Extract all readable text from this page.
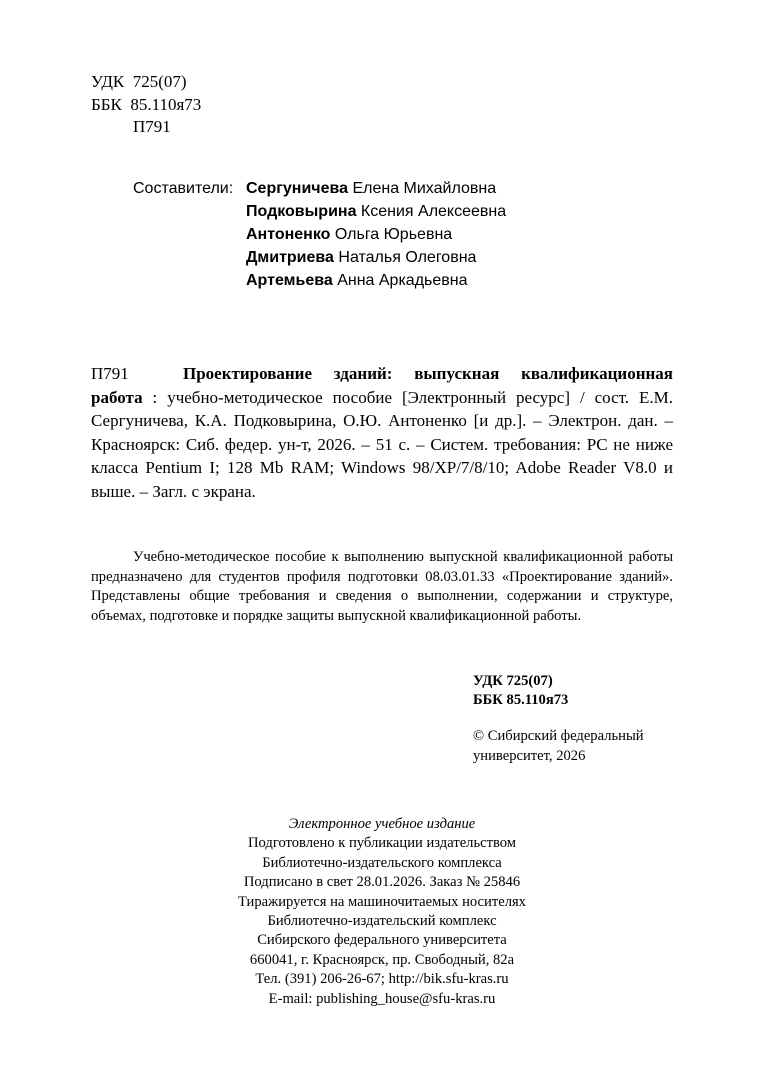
УДК  725(07)
ББК  85.110я73
П791
Составители: Сергуничева Елена Михайловна
Подковырина Ксения Алексеевна
Антоненко Ольга Юрьевна
Дмитриева Наталья Олеговна
Артемьева Анна Аркадьевна
П791	Проектирование зданий: выпускная квалификационная работа : учебно-методическое пособие [Электронный ресурс] / сост. Е.М. Сергуничева, К.А. Подковырина, О.Ю. Антоненко [и др.]. – Электрон. дан. – Красноярск: Сиб. федер. ун-т, 2026. – 51 с. – Систем. требования: PC не ниже класса Pentium I; 128 Mb RAM; Windows 98/XP/7/8/10; Adobe Reader V8.0 и выше. – Загл. с экрана.

Учебно-методическое пособие к выполнению выпускной квалификационной работы предназначено для студентов профиля подготовки 08.03.01.33 «Проектирование зданий». Представлены общие требования и сведения о выполнении, содержании и структуре, объемах, подготовке и порядке защиты выпускной квалификационной работы.

УДК 725(07)
ББК 85.110я73
© Сибирский федеральный
университет, 2026
Электронное учебное издание
Подготовлено к публикации издательством
Библиотечно-издательского комплекса
Подписано в свет 28.01.2026. Заказ № 25846
Тиражируется на машиночитаемых носителях
Библиотечно-издательский комплекс
Сибирского федерального университета
660041, г. Красноярск, пр. Свободный, 82а
Тел. (391) 206-26-67; http://bik.sfu-kras.ru
E-mail: publishing_house@sfu-kras.ru
